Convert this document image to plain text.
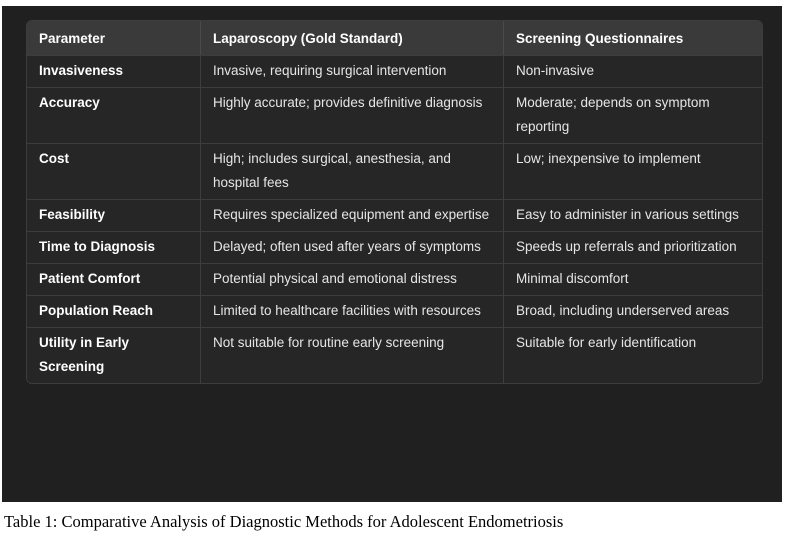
Parameter	Laparoscopy (Gold Standard)	Screening Questionnaires
Invasiveness	Invasive, requiring surgical intervention	Non-invasive
Accuracy	Highly accurate; provides definitive diagnosis	Moderate; depends on symptom reporting
Cost	High; includes surgical, anesthesia, and hospital fees	Low; inexpensive to implement
Feasibility	Requires specialized equipment and expertise	Easy to administer in various settings
Time to Diagnosis	Delayed; often used after years of symptoms	Speeds up referrals and prioritization
Patient Comfort	Potential physical and emotional distress	Minimal discomfort
Population Reach	Limited to healthcare facilities with resources	Broad, including underserved areas
Utility in Early Screening	Not suitable for routine early screening	Suitable for early identification
Table 1: Comparative Analysis of Diagnostic Methods for Adolescent Endometriosis
